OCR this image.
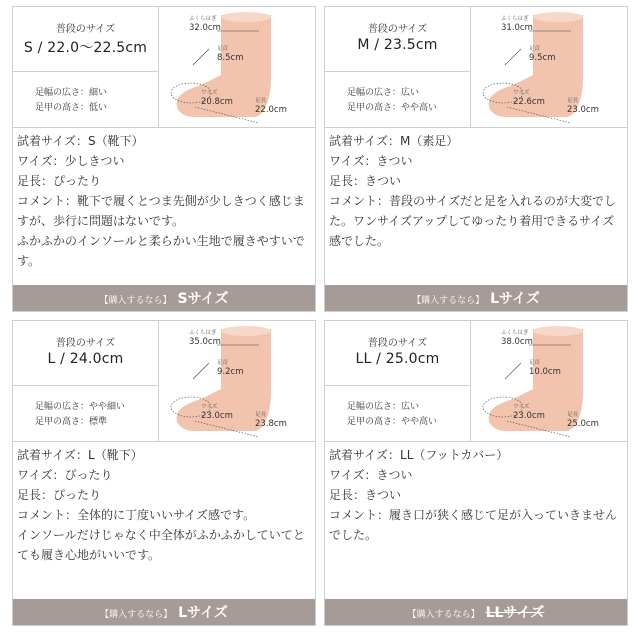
普段のサイズ
S / 22.0〜22.5cm
足幅の広さ：細い
足甲の高さ：低い
ふくらはぎ
32.0cm
足首
8.5cm
ワイズ
20.8cm	足長
22.0cm
試着サイズ：S（靴下）
ワイズ：少しきつい
足長：ぴったり
コメント：靴下で履くとつま先側が少しきつく感じますが、歩行に問題はないです。
ふかふかのインソールと柔らかい生地で履きやすいです。
【購入するなら】 Sサイズ
普段のサイズ
M / 23.5cm
足幅の広さ：広い
足甲の高さ：やや高い
ふくらはぎ
31.0cm
足首
9.5cm
ワイズ
22.6cm	足長
23.0cm
試着サイズ：M（素足）
ワイズ：きつい
足長：きつい
コメント：普段のサイズだと足を入れるのが大変でした。ワンサイズアップしてゆったり着用できるサイズ感でした。
【購入するなら】 Lサイズ
普段のサイズ
L / 24.0cm
足幅の広さ：やや細い
足甲の高さ：標準
ふくらはぎ
35.0cm
足首
9.2cm
ワイズ
23.0cm	足長
23.8cm
試着サイズ：L（靴下）
ワイズ：ぴったり
足長：ぴったり
コメント：全体的に丁度いいサイズ感です。
インソールだけじゃなく中全体がふかふかしていてとても履き心地がいいです。
【購入するなら】 Lサイズ
普段のサイズ
LL / 25.0cm
足幅の広さ：広い
足甲の高さ：やや高い
ふくらはぎ
38.0cm
足首
10.0cm
ワイズ
23.0cm	足長
25.0cm
試着サイズ：LL（フットカバー）
ワイズ：きつい
足長：きつい
コメント：履き口が狭く感じて足が入っていきませんでした。
【購入するなら】 LLサイズ
